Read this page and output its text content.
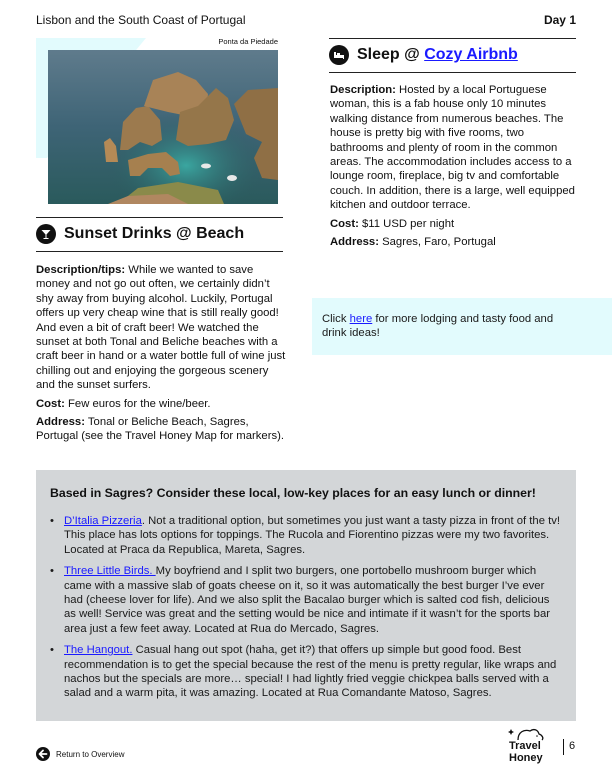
Lisbon and the South Coast of Portugal	Day 1
Ponta da Piedade
Sunset Drinks @ Beach

Description/tips: While we wanted to save money and not go out often, we certainly didn’t shy away from buying alcohol. Luckily, Portugal offers up very cheap wine that is still really good! And even a bit of craft beer! We watched the sunset at both Tonal and Beliche beaches with a craft beer in hand or a water bottle full of wine just chilling out and enjoying the gorgeous scenery and the sunset surfers.

Cost: Few euros for the wine/beer.

Address: Tonal or Beliche Beach, Sagres, Portugal (see the Travel Honey Map for markers).

Sleep @ Cozy Airbnb

Description: Hosted by a local Portuguese woman, this is a fab house only 10 minutes walking distance from numerous beaches. The house is pretty big with five rooms, two bathrooms and plenty of room in the common areas. The accommodation includes access to a lounge room, fireplace, big tv and comfortable couch. In addition, there is a large, well equipped kitchen and outdoor terrace.

Cost: $11 USD per night

Address: Sagres, Faro, Portugal

Click here for more lodging and tasty food and drink ideas!
Based in Sagres? Consider these local, low-key places for an easy lunch or dinner!
• D’Italia Pizzeria. Not a traditional option, but sometimes you just want a tasty pizza in front of the tv! This place has lots options for toppings. The Rucola and Fiorentino pizzas were my two favorites. Located at Praca da Republica, Mareta, Sagres.
• Three Little Birds. My boyfriend and I split two burgers, one portobello mushroom burger which came with a massive slab of goats cheese on it, so it was automatically the best burger I’ve ever had (cheese lover for life). And we also split the Bacalao burger which is salted cod fish, delicious as well! Service was great and the setting would be nice and intimate if it wasn’t for the sports bar area just a few feet away. Located at Rua do Mercado, Sagres.
• The Hangout. Casual hang out spot (haha, get it?) that offers up simple but good food. Best recommendation is to get the special because the rest of the menu is pretty regular, like wraps and nachos but the specials are more… special! I had lightly fried veggie chickpea balls served with a salad and a warm pita, it was amazing. Located at Rua Comandante Matoso, Sagres.
Return to Overview
Travel
Honey
6
